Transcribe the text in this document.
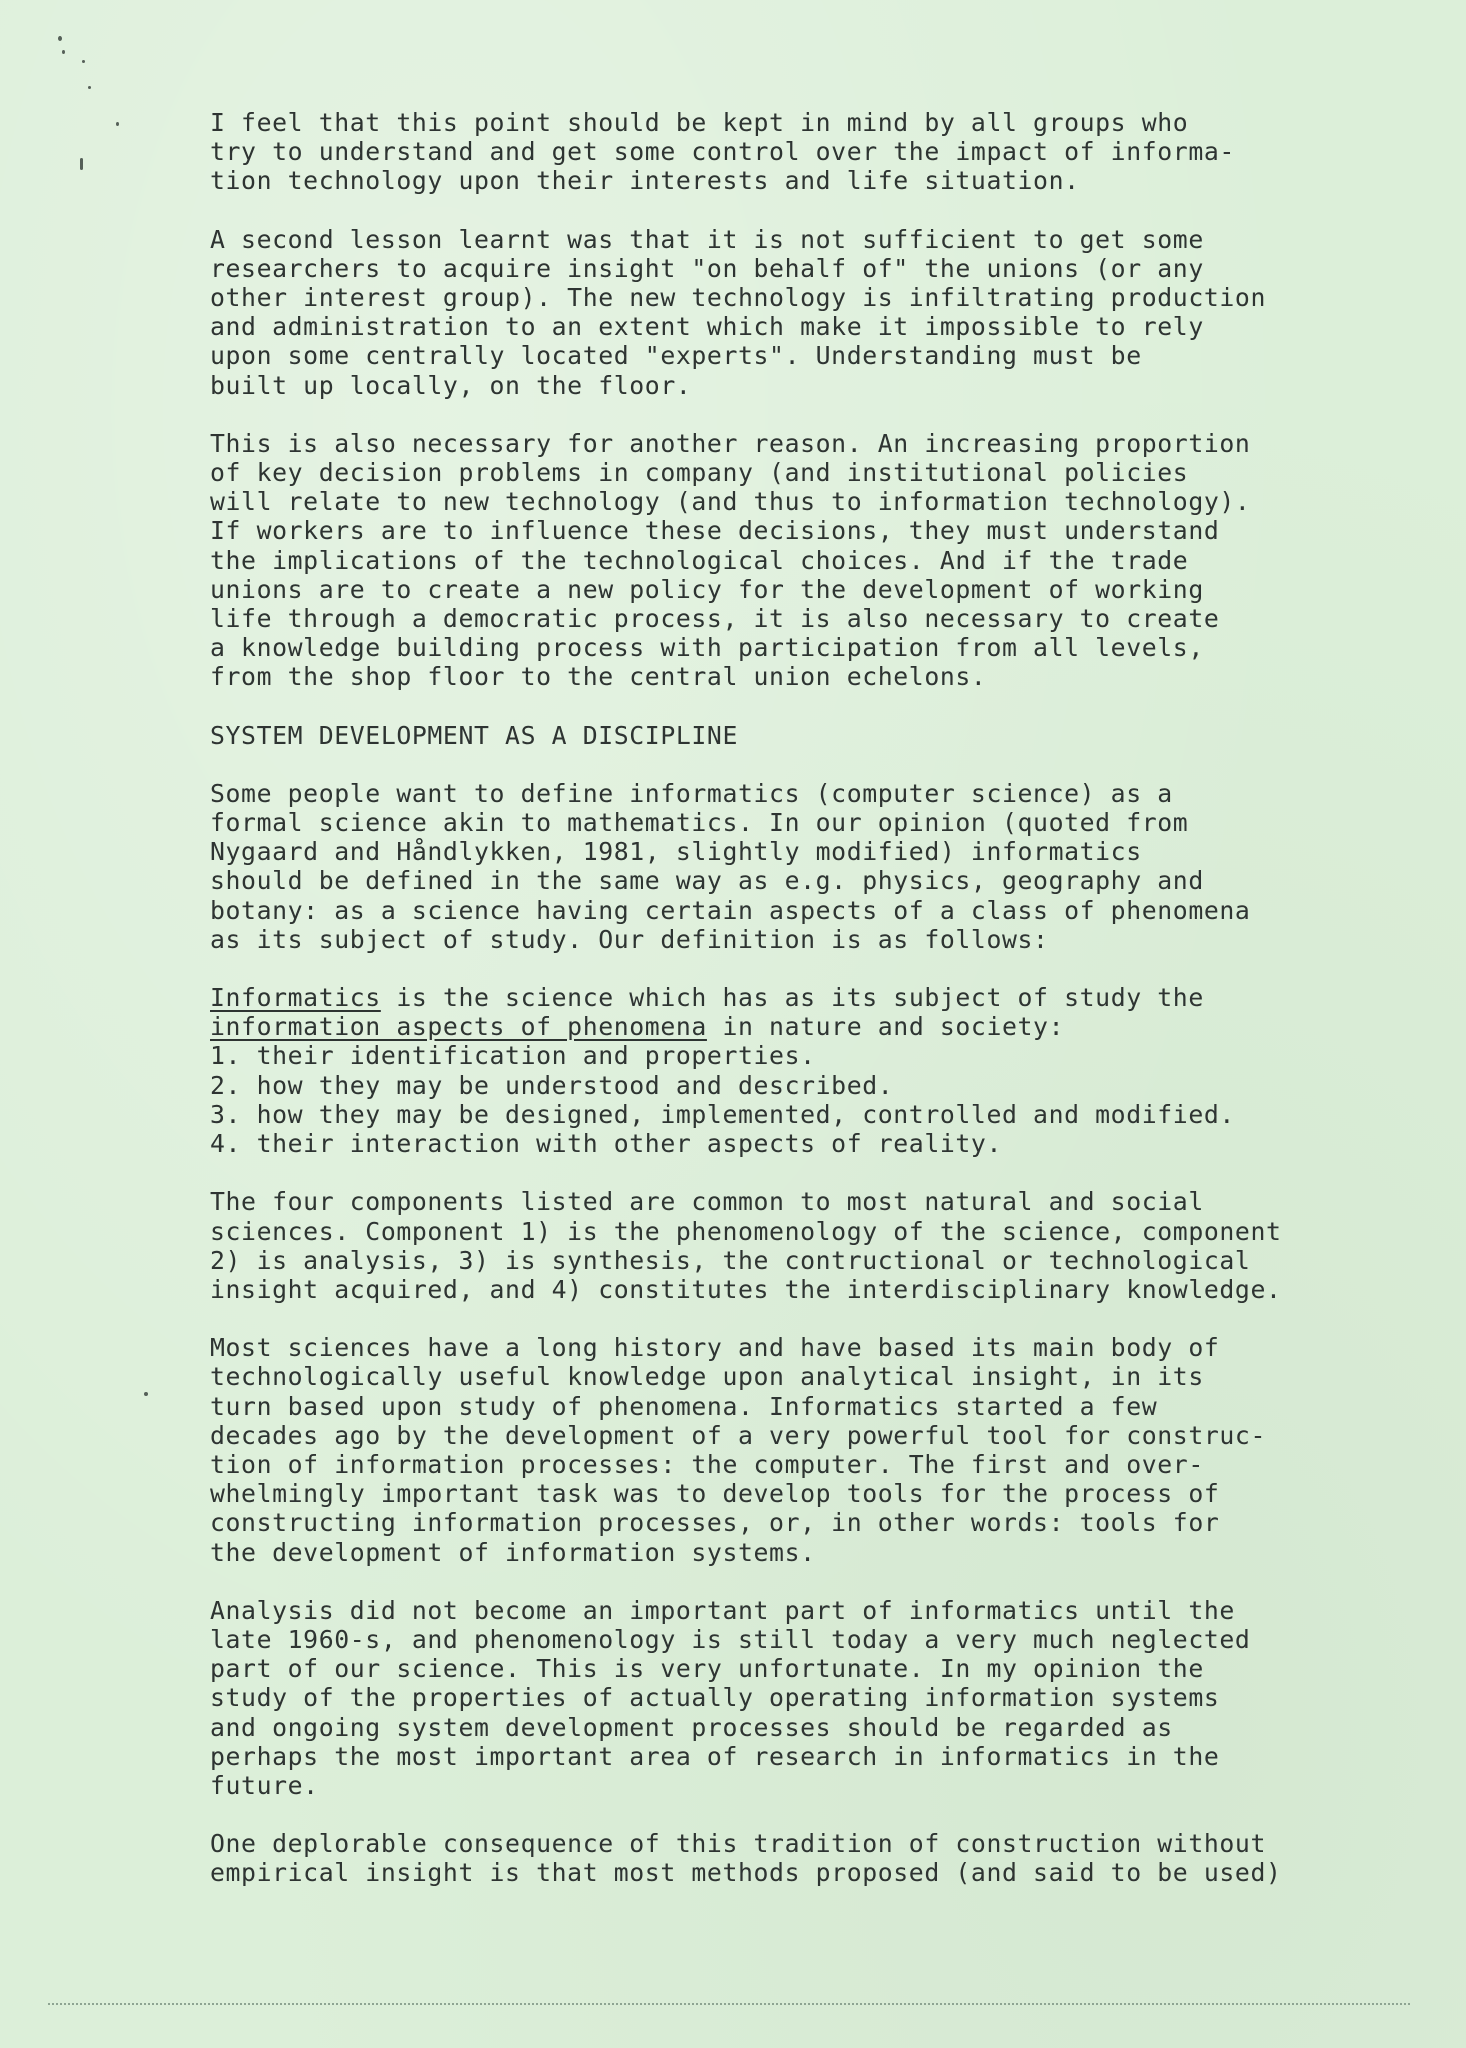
I feel that this point should be kept in mind by all groups who
try to understand and get some control over the impact of informa-
tion technology upon their interests and life situation.
A second lesson learnt was that it is not sufficient to get some
researchers to acquire insight "on behalf of" the unions (or any
other interest group). The new technology is infiltrating production
and administration to an extent which make it impossible to rely
upon some centrally located "experts". Understanding must be
built up locally, on the floor.
This is also necessary for another reason. An increasing proportion
of key decision problems in company (and institutional policies
will relate to new technology (and thus to information technology).
If workers are to influence these decisions, they must understand
the implications of the technological choices. And if the trade
unions are to create a new policy for the development of working
life through a democratic process, it is also necessary to create
a knowledge building process with participation from all levels,
from the shop floor to the central union echelons.
SYSTEM DEVELOPMENT AS A DISCIPLINE
Some people want to define informatics (computer science) as a
formal science akin to mathematics. In our opinion (quoted from
Nygaard and Håndlykken, 1981, slightly modified) informatics
should be defined in the same way as e.g. physics, geography and
botany: as a science having certain aspects of a class of phenomena
as its subject of study. Our definition is as follows:
Informatics is the science which has as its subject of study the
information aspects of phenomena in nature and society:
1. their identification and properties.
2. how they may be understood and described.
3. how they may be designed, implemented, controlled and modified.
4. their interaction with other aspects of reality.
The four components listed are common to most natural and social
sciences. Component 1) is the phenomenology of the science, component
2) is analysis, 3) is synthesis, the contructional or technological
insight acquired, and 4) constitutes the interdisciplinary knowledge.
Most sciences have a long history and have based its main body of
technologically useful knowledge upon analytical insight, in its
turn based upon study of phenomena. Informatics started a few
decades ago by the development of a very powerful tool for construc-
tion of information processes: the computer. The first and over-
whelmingly important task was to develop tools for the process of
constructing information processes, or, in other words: tools for
the development of information systems.
Analysis did not become an important part of informatics until the
late 1960-s, and phenomenology is still today a very much neglected
part of our science. This is very unfortunate. In my opinion the
study of the properties of actually operating information systems
and ongoing system development processes should be regarded as
perhaps the most important area of research in informatics in the
future.
One deplorable consequence of this tradition of construction without
empirical insight is that most methods proposed (and said to be used)
